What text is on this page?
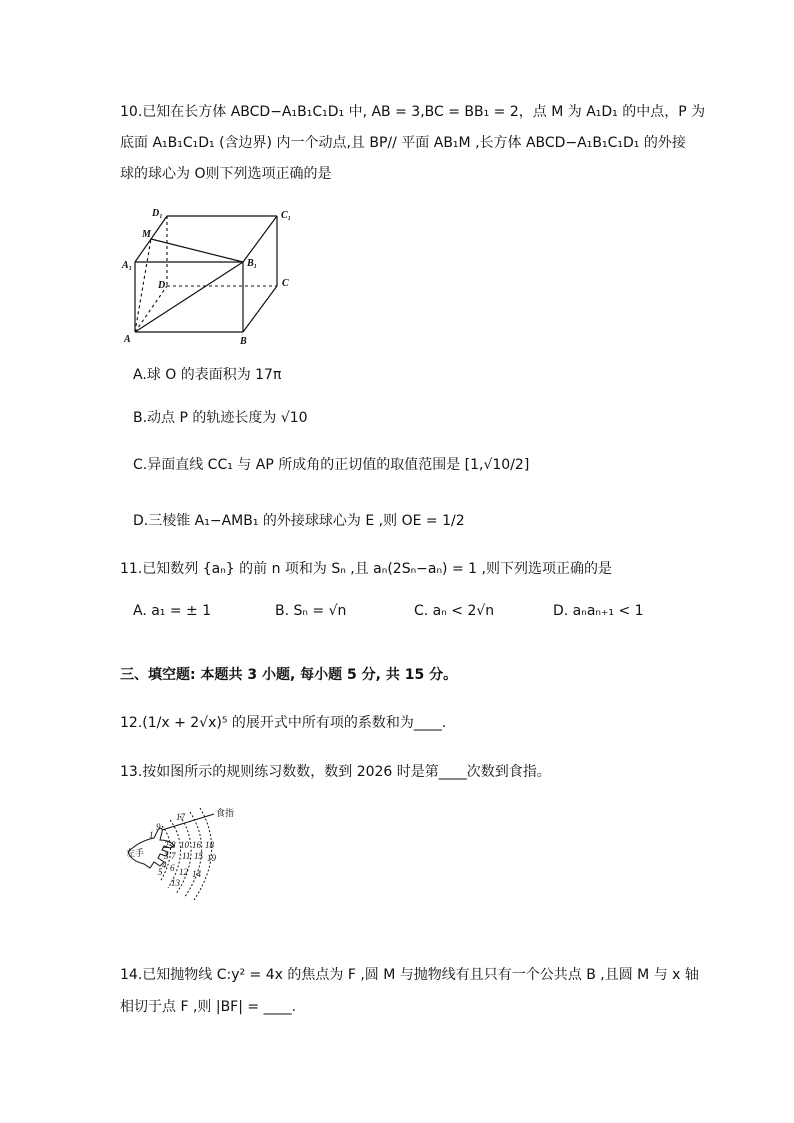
10.已知在长方体 ABCD−A₁B₁C₁D₁ 中, AB = 3,BC = BB₁ = 2，点 M 为 A₁D₁ 的中点，P 为
底面 A₁B₁C₁D₁ (含边界) 内一个动点,且 BP// 平面 AB₁M ,长方体 ABCD−A₁B₁C₁D₁ 的外接
球的球心为 O则下列选项正确的是
D₁	C₁
M
A₁	B₁
D	C
A	B
A.球 O 的表面积为 17π
B.动点 P 的轨迹长度为 √10
C.异面直线 CC₁ 与 AP 所成角的正切值的取值范围是 [1,√10/2]
D.三棱锥 A₁−AMB₁ 的外接球球心为 E ,则 OE = 1/2
11.已知数列 {aₙ} 的前 n 项和为 Sₙ ,且 aₙ(2Sₙ−aₙ) = 1 ,则下列选项正确的是
A. a₁ = ± 1	B. Sₙ = √n	C. aₙ < 2√n	D. aₙaₙ₊₁ < 1
三、填空题: 本题共 3 小题, 每小题 5 分, 共 15 分。
12.(1/x + 2√x)⁵ 的展开式中所有项的系数和为____.
13.按如图所示的规则练习数数，数到 2026 时是第____次数到食指。
食指
左手
17
9
1
2 8 10 16 18
3 7 11 15 19
4 6 12 14
5
13
14.已知抛物线 C:y² = 4x 的焦点为 F ,圆 M 与抛物线有且只有一个公共点 B ,且圆 M 与 x 轴
相切于点 F ,则 |BF| = ____.
